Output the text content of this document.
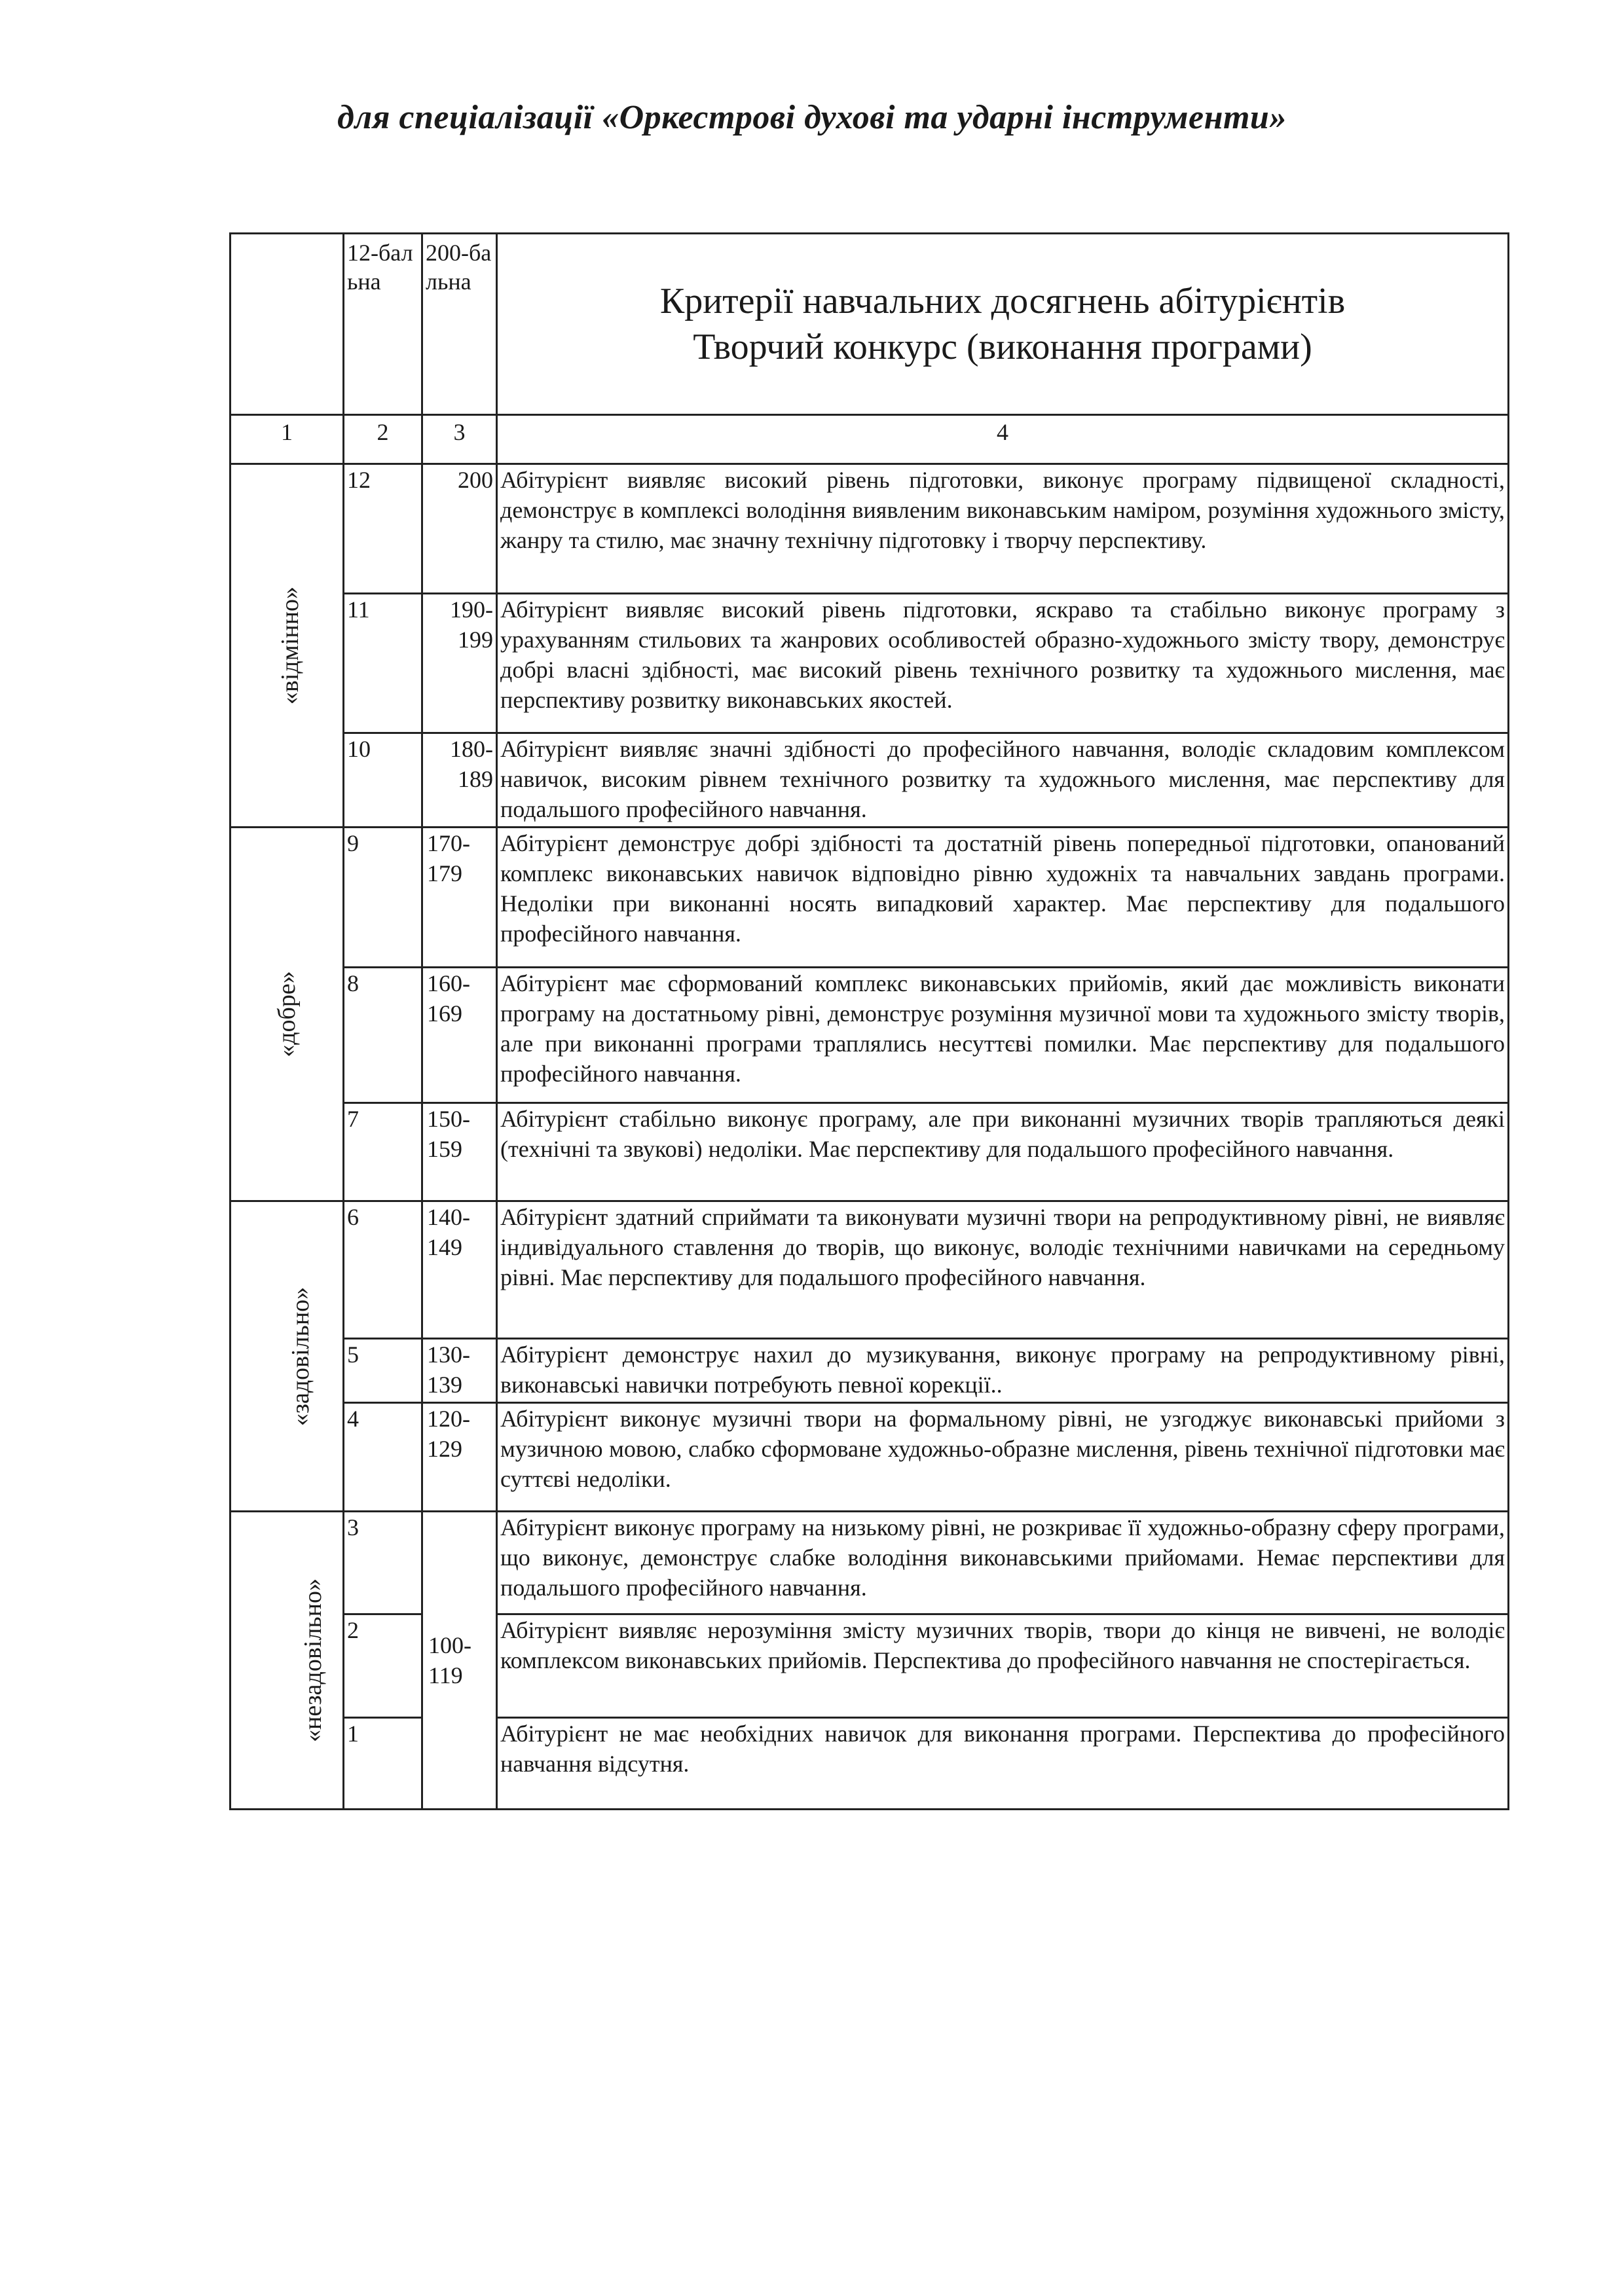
для спеціалізації «Оркестрові духові та ударні інструменти»
	12-бальна	200-бальна	Критерії навчальних досягнень абітурієнтів
Творчий конкурс (виконання програми)

1	2	3	4
«відмінно»	12	200	Абітурієнт виявляє високий рівень підготовки, виконує програму підвищеної складності, демонструє в комплексі володіння виявленим виконавським наміром, розуміння художнього змісту, жанру та стилю, має значну технічну підготовку і творчу перспективу.
	11	190-199	Абітурієнт виявляє високий рівень підготовки, яскраво та стабільно виконує програму з урахуванням стильових та жанрових особливостей образно-художнього змісту твору, демонструє добрі власні здібності, має високий рівень технічного розвитку та художнього мислення, має перспективу розвитку виконавських якостей.
	10	180-189	Абітурієнт виявляє значні здібності до професійного навчання, володіє складовим комплексом навичок, високим рівнем технічного розвитку та художнього мислення, має перспективу для подальшого професійного навчання.
«добре»	9	170-179	Абітурієнт демонструє добрі здібності та достатній рівень попередньої підготовки, опанований комплекс виконавських навичок відповідно рівню художніх та навчальних завдань програми. Недоліки при виконанні носять випадковий характер. Має перспективу для подальшого професійного навчання.
	8	160-169	Абітурієнт має сформований комплекс виконавських прийомів, який дає можливість виконати програму на достатньому рівні, демонструє розуміння музичної мови та художнього змісту творів, але при виконанні програми траплялись несуттєві помилки. Має перспективу для подальшого професійного навчання.
	7	150-159	Абітурієнт стабільно виконує програму, але при виконанні музичних творів трапляються деякі (технічні та звукові) недоліки. Має перспективу для подальшого професійного навчання.
«задовільно»	6	140-149	Абітурієнт здатний сприймати та виконувати музичні твори на репродуктивному рівні, не виявляє індивідуального ставлення до творів, що виконує, володіє технічними навичками на середньому рівні. Має перспективу для подальшого професійного навчання.
	5	130-139	Абітурієнт демонструє нахил до музикування, виконує програму на репродуктивному рівні, виконавські навички потребують певної корекції..
	4	120-129	Абітурієнт виконує музичні твори на формальному рівні, не узгоджує виконавські прийоми з музичною мовою, слабко сформоване художньо-образне мислення, рівень технічної підготовки має суттєві недоліки.
«незадовільно»	3	100-119	Абітурієнт виконує програму на низькому рівні, не розкриває її художньо-образну сферу програми, що виконує, демонструє слабке володіння виконавськими прийомами. Немає перспективи для подальшого професійного навчання.
	2		Абітурієнт виявляє нерозуміння змісту музичних творів, твори до кінця не вивчені, не володіє комплексом виконавських прийомів. Перспектива до професійного навчання не спостерігається.
	1		Абітурієнт не має необхідних навичок для виконання програми. Перспектива до професійного навчання відсутня.
